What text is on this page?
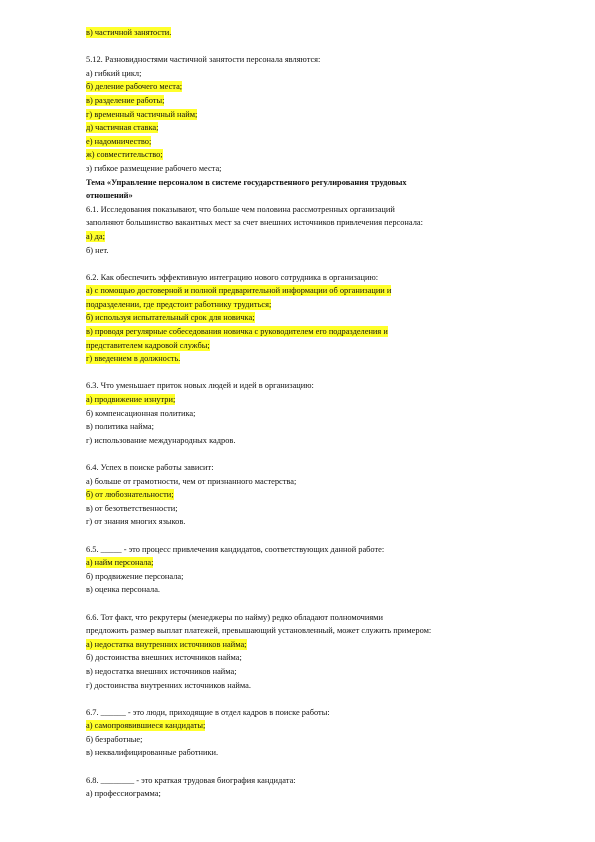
в) частичной занятости.
5.12. Разновидностями частичной занятости персонала являются:
а) гибкий цикл;
б) деление рабочего места;
в) разделение работы;
г) временный частичный найм;
д) частичная ставка;
е) надомничество;
ж) совместительство;
з) гибкое размещение рабочего места;
Тема «Управление персоналом в системе государственного регулирования трудовых
отношений»
6.1. Исследования показывают, что больше чем половина рассмотренных организаций
заполняют большинство вакантных мест за счет внешних источников привлечения персонала:
а) да;
б) нет.
6.2. Как обеспечить эффективную интеграцию нового сотрудника в организацию:
а) с помощью достоверной и полной предварительной информации об организации и
подразделении, где предстоит работнику трудиться;
б) используя испытательный срок для новичка;
в) проводя регулярные собеседования новичка с руководителем его подразделения и
представителем кадровой службы;
г) введением в должность.
6.3. Что уменьшает приток новых людей и идей в организацию:
а) продвижение изнутри;
б) компенсационная политика;
в) политика найма;
г) использование международных кадров.
6.4. Успех в поиске работы зависит:
а) больше от грамотности, чем от признанного мастерства;
б) от любознательности;
в) от безответственности;
г) от знания многих языков.
6.5. _____ - это процесс привлечения кандидатов, соответствующих данной работе:
а) найм персонала;
б) продвижение персонала;
в) оценка персонала.
6.6. Тот факт, что рекрутеры (менеджеры по найму) редко обладают полномочиями
предложить размер выплат платежей, превышающий установленный, может служить примером:
а) недостатка внутренних источников найма;
б) достоинства внешних источников найма;
в) недостатка внешних источников найма;
г) достоинства внутренних источников найма.
6.7. ______ - это люди, приходящие в отдел кадров в поиске работы:
а) самопроявившиеся кандидаты;
б) безработные;
в) неквалифицированные работники.
6.8. ________ - это краткая трудовая биография кандидата:
а) профессиограмма;
